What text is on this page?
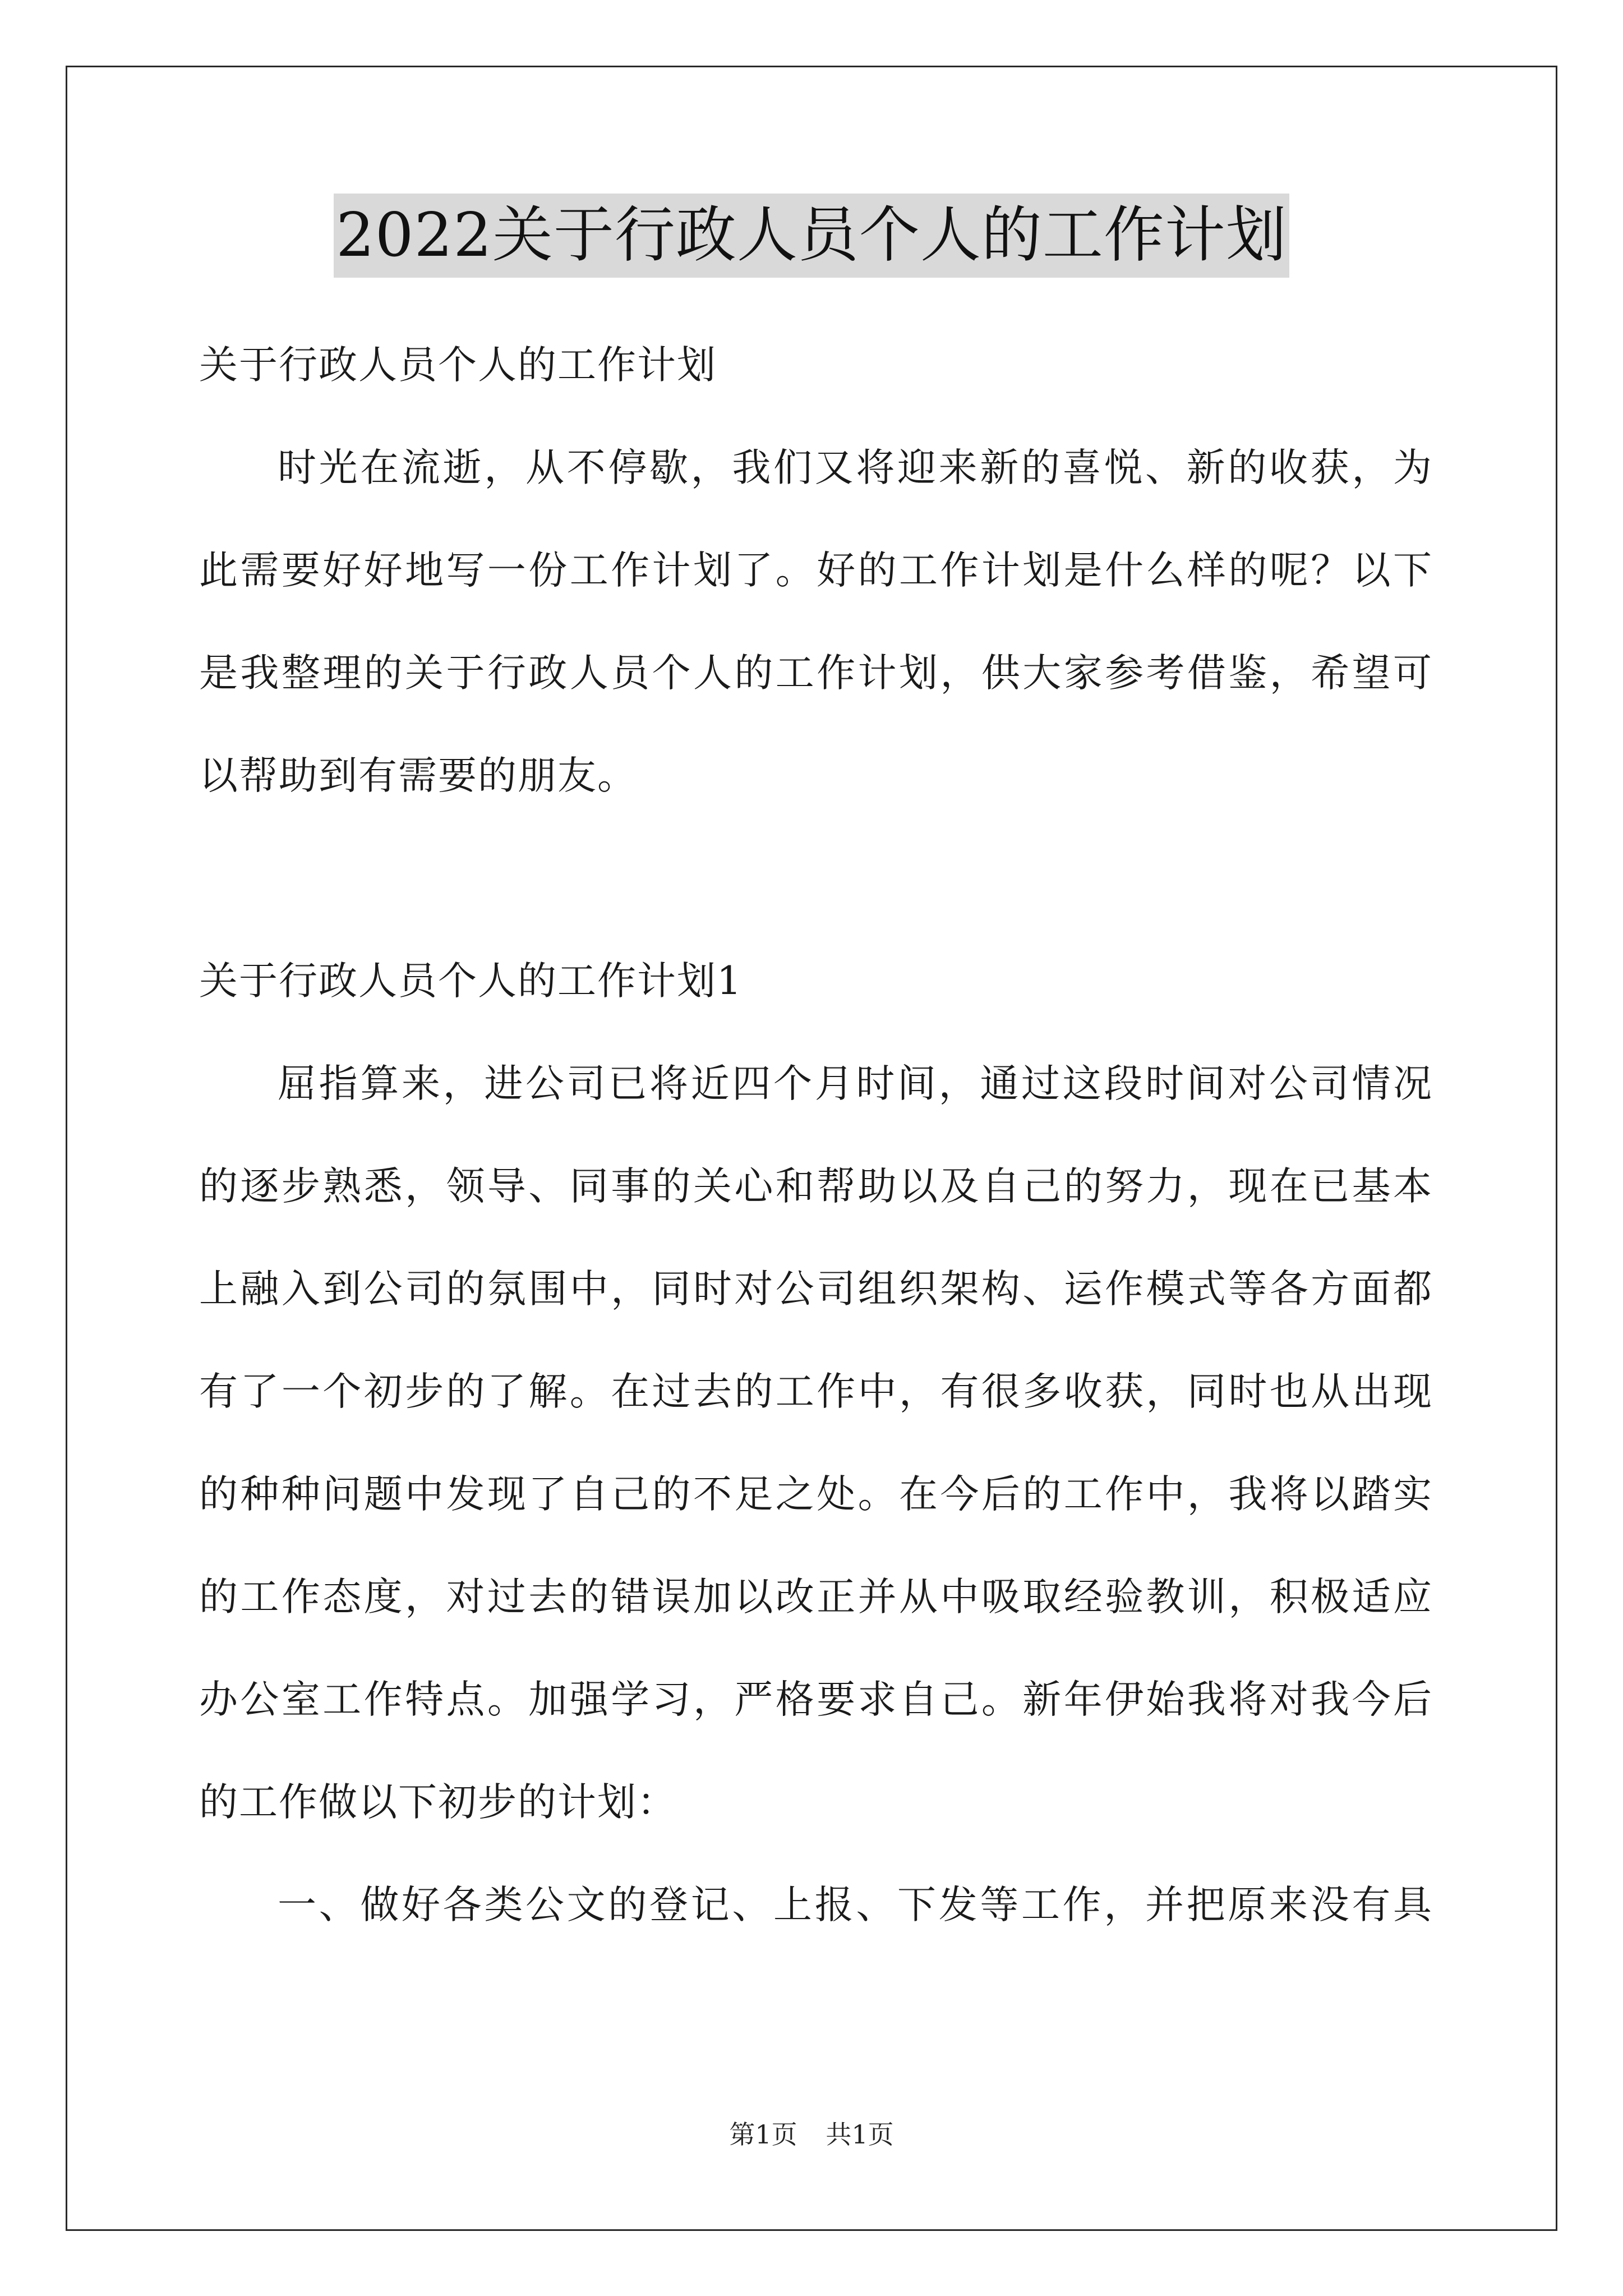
2022关于行政人员个人的工作计划
关于行政人员个人的工作计划
时光在流逝，从不停歇，我们又将迎来新的喜悦、新的收获，为
此需要好好地写一份工作计划了。好的工作计划是什么样的呢？以下
是我整理的关于行政人员个人的工作计划，供大家参考借鉴，希望可
以帮助到有需要的朋友。
关于行政人员个人的工作计划1
屈指算来，进公司已将近四个月时间，通过这段时间对公司情况
的逐步熟悉，领导、同事的关心和帮助以及自己的努力，现在已基本
上融入到公司的氛围中，同时对公司组织架构、运作模式等各方面都
有了一个初步的了解。在过去的工作中，有很多收获，同时也从出现
的种种问题中发现了自己的不足之处。在今后的工作中，我将以踏实
的工作态度，对过去的错误加以改正并从中吸取经验教训，积极适应
办公室工作特点。加强学习，严格要求自己。新年伊始我将对我今后
的工作做以下初步的计划：
一、做好各类公文的登记、上报、下发等工作，并把原来没有具
第1页 共1页
